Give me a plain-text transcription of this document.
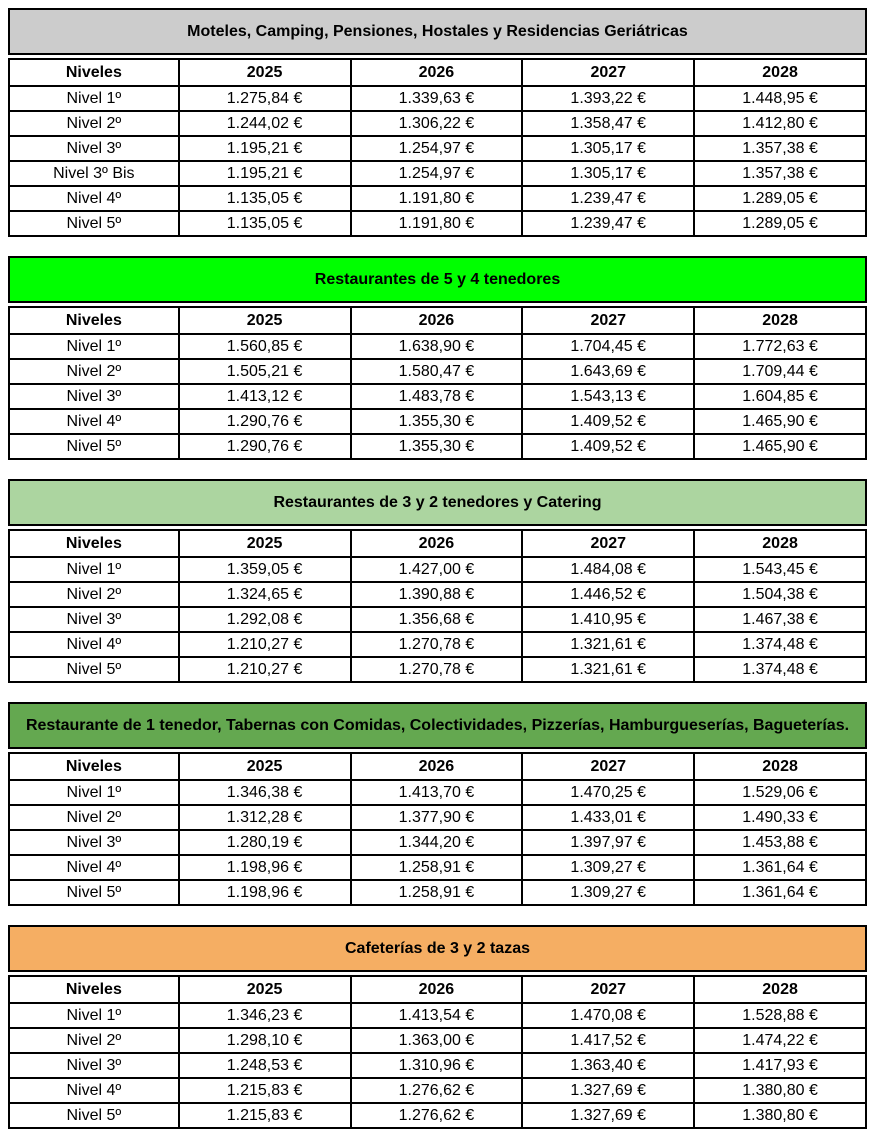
Moteles, Camping, Pensiones, Hostales y Residencias Geriátricas
Niveles	2025	2026	2027	2028
Nivel 1º	1.275,84 €	1.339,63 €	1.393,22 €	1.448,95 €
Nivel 2º	1.244,02 €	1.306,22 €	1.358,47 €	1.412,80 €
Nivel 3º	1.195,21 €	1.254,97 €	1.305,17 €	1.357,38 €
Nivel 3º Bis	1.195,21 €	1.254,97 €	1.305,17 €	1.357,38 €
Nivel 4º	1.135,05 €	1.191,80 €	1.239,47 €	1.289,05 €
Nivel 5º	1.135,05 €	1.191,80 €	1.239,47 €	1.289,05 €
Restaurantes de 5 y 4 tenedores
Niveles	2025	2026	2027	2028
Nivel 1º	1.560,85 €	1.638,90 €	1.704,45 €	1.772,63 €
Nivel 2º	1.505,21 €	1.580,47 €	1.643,69 €	1.709,44 €
Nivel 3º	1.413,12 €	1.483,78 €	1.543,13 €	1.604,85 €
Nivel 4º	1.290,76 €	1.355,30 €	1.409,52 €	1.465,90 €
Nivel 5º	1.290,76 €	1.355,30 €	1.409,52 €	1.465,90 €
Restaurantes de 3 y 2 tenedores y Catering
Niveles	2025	2026	2027	2028
Nivel 1º	1.359,05 €	1.427,00 €	1.484,08 €	1.543,45 €
Nivel 2º	1.324,65 €	1.390,88 €	1.446,52 €	1.504,38 €
Nivel 3º	1.292,08 €	1.356,68 €	1.410,95 €	1.467,38 €
Nivel 4º	1.210,27 €	1.270,78 €	1.321,61 €	1.374,48 €
Nivel 5º	1.210,27 €	1.270,78 €	1.321,61 €	1.374,48 €
Restaurante de 1 tenedor, Tabernas con Comidas, Colectividades, Pizzerías, Hamburgueserías, Bagueterías.
Niveles	2025	2026	2027	2028
Nivel 1º	1.346,38 €	1.413,70 €	1.470,25 €	1.529,06 €
Nivel 2º	1.312,28 €	1.377,90 €	1.433,01 €	1.490,33 €
Nivel 3º	1.280,19 €	1.344,20 €	1.397,97 €	1.453,88 €
Nivel 4º	1.198,96 €	1.258,91 €	1.309,27 €	1.361,64 €
Nivel 5º	1.198,96 €	1.258,91 €	1.309,27 €	1.361,64 €
Cafeterías de 3 y 2 tazas
Niveles	2025	2026	2027	2028
Nivel 1º	1.346,23 €	1.413,54 €	1.470,08 €	1.528,88 €
Nivel 2º	1.298,10 €	1.363,00 €	1.417,52 €	1.474,22 €
Nivel 3º	1.248,53 €	1.310,96 €	1.363,40 €	1.417,93 €
Nivel 4º	1.215,83 €	1.276,62 €	1.327,69 €	1.380,80 €
Nivel 5º	1.215,83 €	1.276,62 €	1.327,69 €	1.380,80 €
